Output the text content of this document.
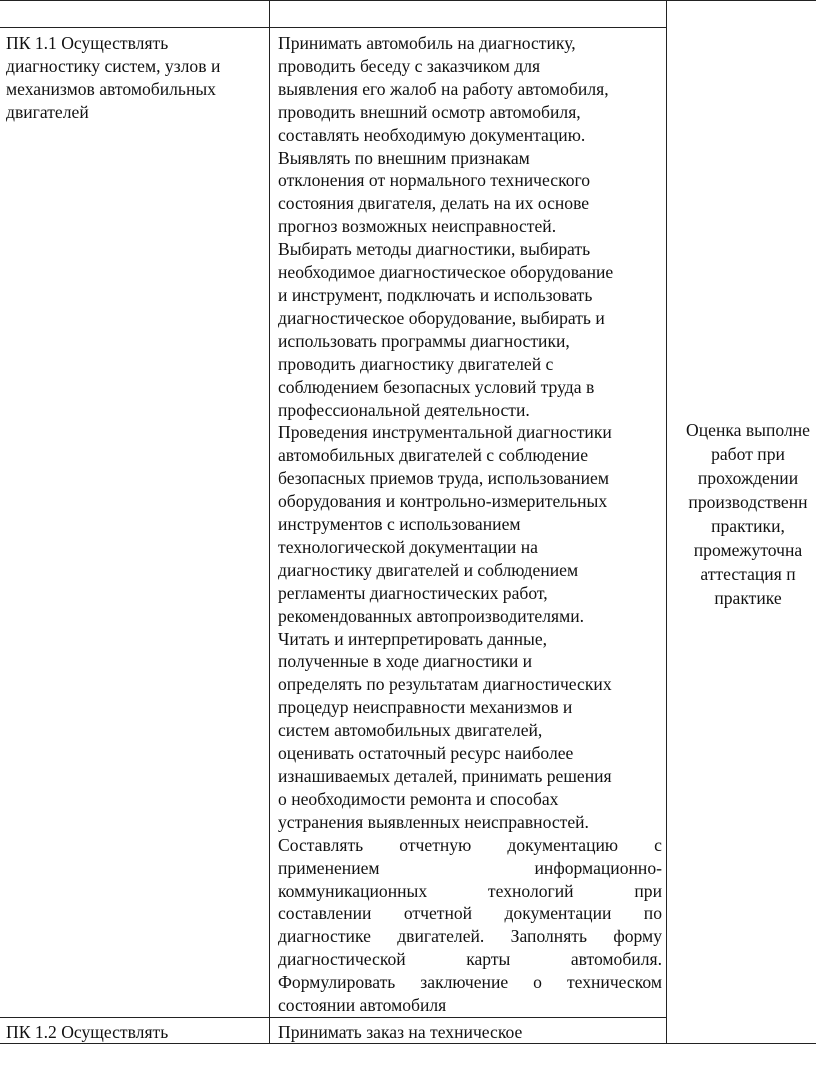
ПК 1.1 Осуществлять диагностику систем, узлов и механизмов автомобильных двигателей

Принимать автомобиль на диагностику,

проводить беседу с заказчиком для

выявления его жалоб на работу автомобиля,

проводить внешний осмотр автомобиля,

составлять необходимую документацию.

Выявлять по внешним признакам

отклонения от нормального технического

состояния двигателя, делать на их основе

прогноз возможных неисправностей.

Выбирать методы диагностики, выбирать

необходимое диагностическое оборудование

и инструмент, подключать и использовать

диагностическое оборудование, выбирать и

использовать программы диагностики,

проводить диагностику двигателей с

соблюдением безопасных условий труда в

профессиональной деятельности.

Проведения инструментальной диагностики

автомобильных двигателей с соблюдение

безопасных приемов труда, использованием

оборудования и контрольно-измерительных

инструментов с использованием

технологической документации на

диагностику двигателей и соблюдением

регламенты диагностических работ,

рекомендованных автопроизводителями.

Читать и интерпретировать данные,

полученные в ходе диагностики и

определять по результатам диагностических

процедур неисправности механизмов и

систем автомобильных двигателей,

оценивать остаточный ресурс наиболее

изнашиваемых деталей, принимать решения

о необходимости ремонта и способах

устранения выявленных неисправностей.

Составлять отчетную документацию с

применением информационно-

коммуникационных технологий при

составлении отчетной документации по

диагностике двигателей. Заполнять форму

диагностической карты автомобиля.

Формулировать заключение о техническом

состоянии автомобиля

Оценка выполне
работ при
прохождении
производственн
практики,
промежуточна
аттестация п
практике
ПК 1.2 Осуществлять	Принимать заказ на техническое
